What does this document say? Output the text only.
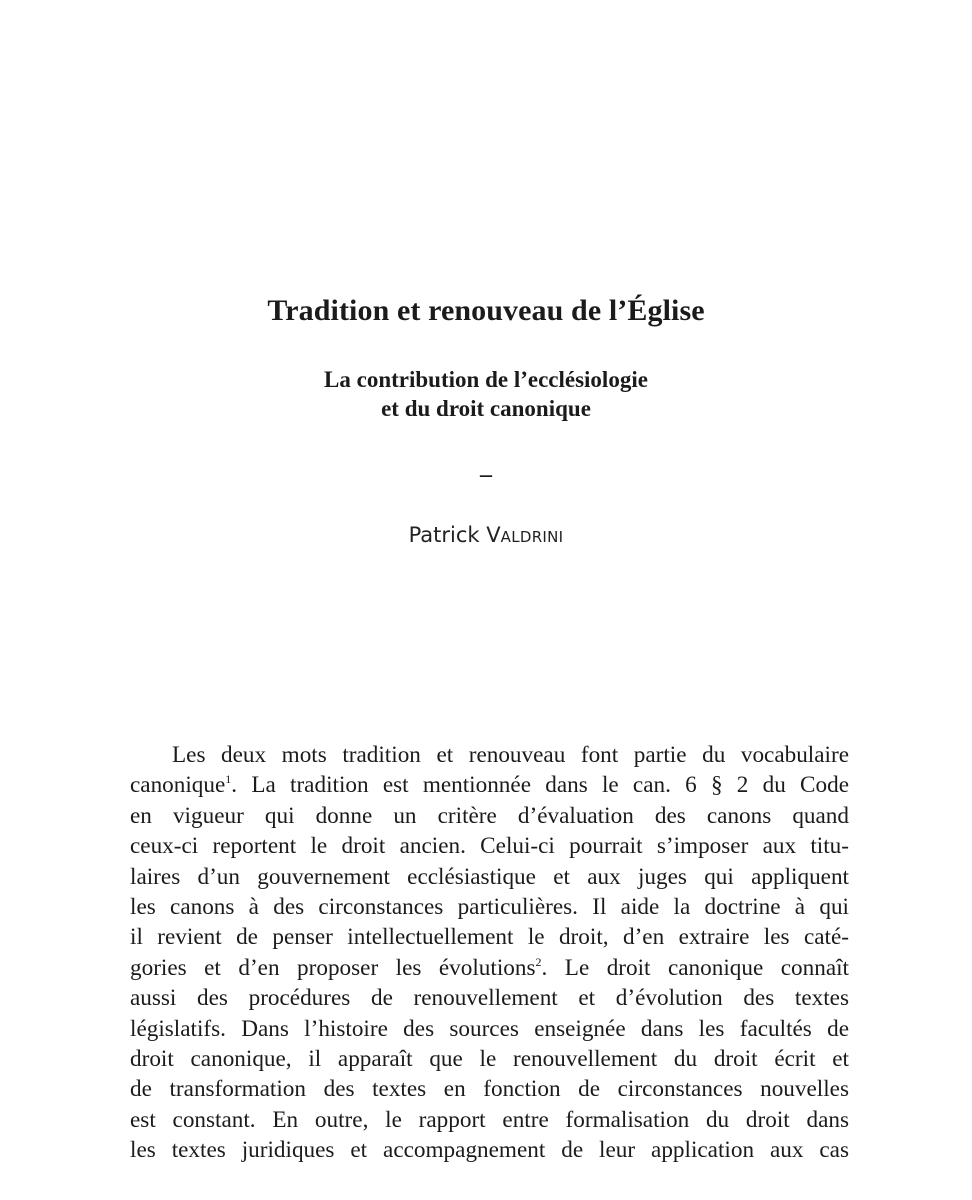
Tradition et renouveau de l’Église
La contribution de l’ecclésiologie
et du droit canonique
–
Patrick VALDRINI
Les deux mots tradition et renouveau font partie du vocabulaire
canonique$^1$. La tradition est mentionnée dans le can. 6 § 2 du Code
en vigueur qui donne un critère d’évaluation des canons quand
ceux-ci reportent le droit ancien. Celui-ci pourrait s’imposer aux titu-
laires d’un gouvernement ecclésiastique et aux juges qui appliquent
les canons à des circonstances particulières. Il aide la doctrine à qui
il revient de penser intellectuellement le droit, d’en extraire les caté-
gories et d’en proposer les évolutions$^2$. Le droit canonique connaît
aussi des procédures de renouvellement et d’évolution des textes
législatifs. Dans l’histoire des sources enseignée dans les facultés de
droit canonique, il apparaît que le renouvellement du droit écrit et
de transformation des textes en fonction de circonstances nouvelles
est constant. En outre, le rapport entre formalisation du droit dans
les textes juridiques et accompagnement de leur application aux cas
